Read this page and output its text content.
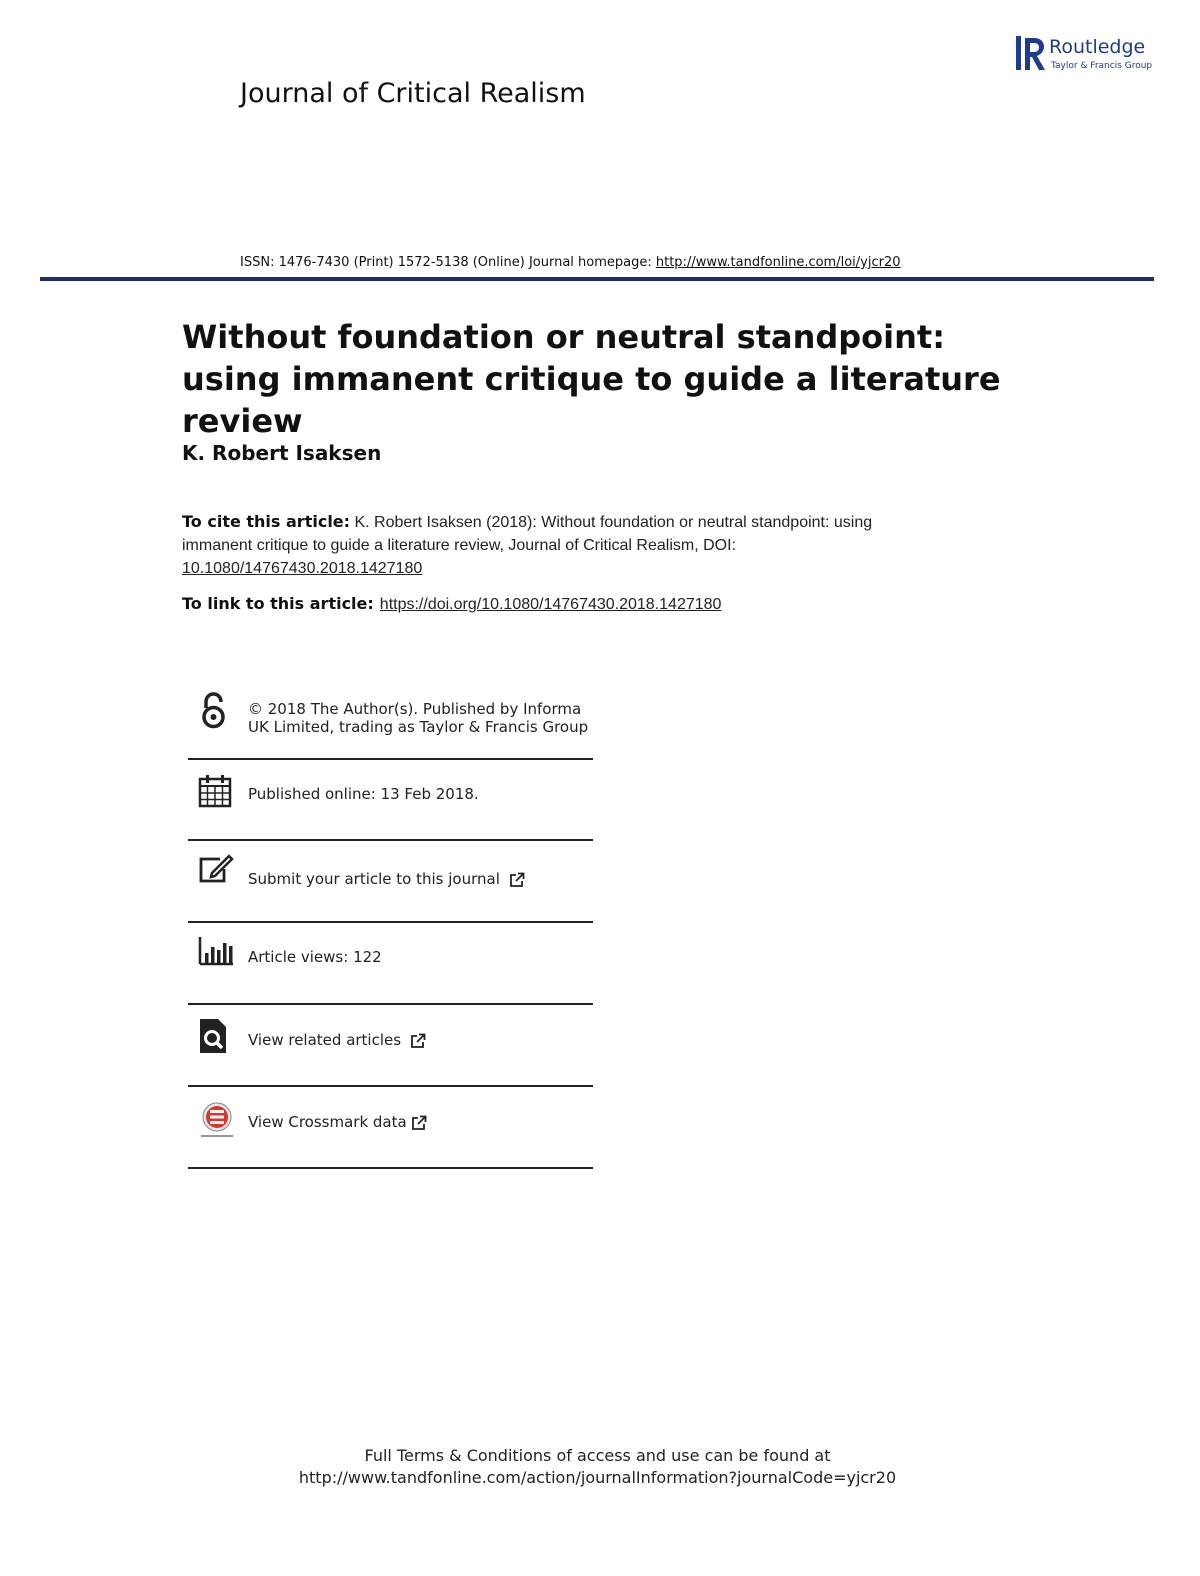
Journal of Critical Realism
Routledge
Taylor & Francis Group
ISSN: 1476-7430 (Print) 1572-5138 (Online) Journal homepage: http://www.tandfonline.com/loi/yjcr20
Without foundation or neutral standpoint: using immanent critique to guide a literature review
K. Robert Isaksen
To cite this article: K. Robert Isaksen (2018): Without foundation or neutral standpoint: using immanent critique to guide a literature review, Journal of Critical Realism, DOI: 10.1080/14767430.2018.1427180
To link to this article: https://doi.org/10.1080/14767430.2018.1427180
© 2018 The Author(s). Published by Informa UK Limited, trading as Taylor & Francis Group
Published online: 13 Feb 2018.
Submit your article to this journal
Article views: 122
View related articles
View Crossmark data
Full Terms & Conditions of access and use can be found at
http://www.tandfonline.com/action/journalInformation?journalCode=yjcr20
